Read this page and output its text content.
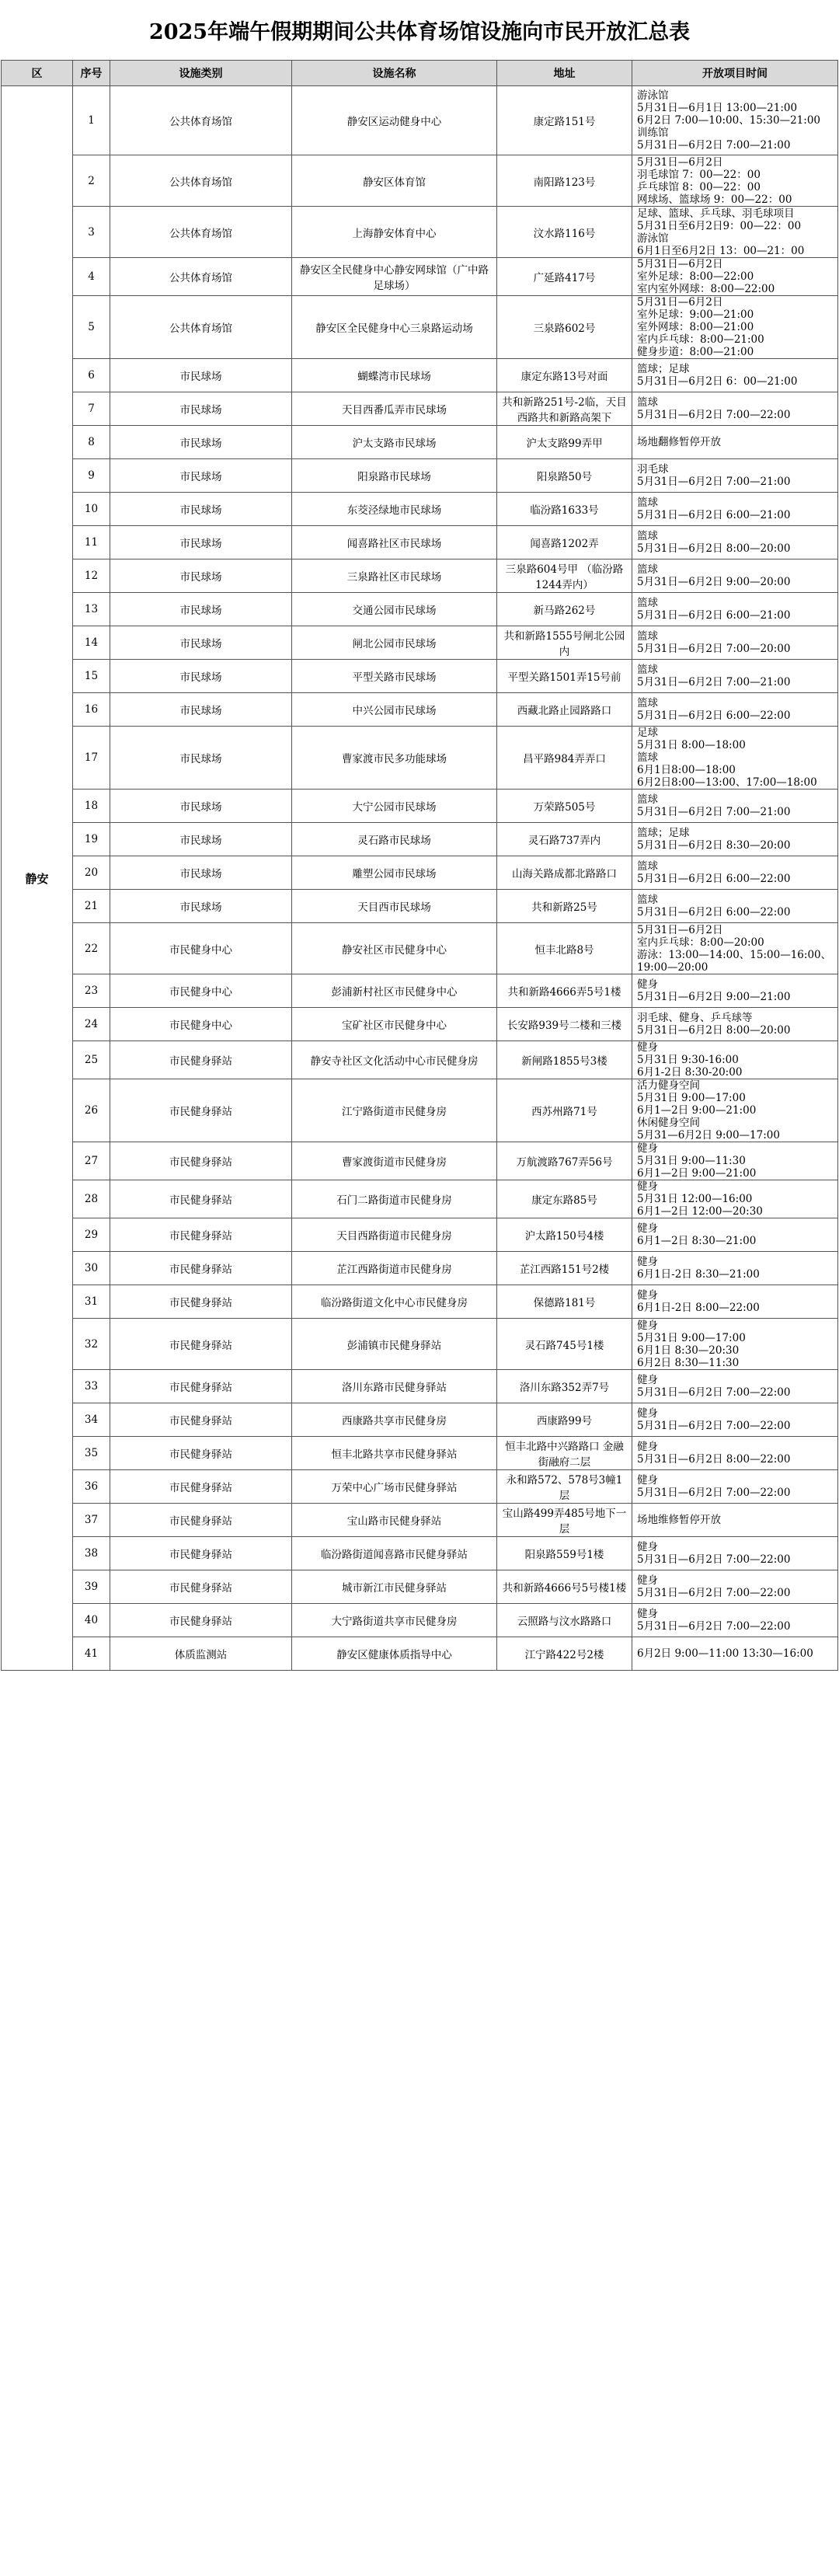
2025年端午假期期间公共体育场馆设施向市民开放汇总表
区	序号	设施类别	设施名称	地址	开放项目时间
静安	1	公共体育场馆	静安区运动健身中心	康定路151号	游泳馆
5月31日—6月1日 13:00—21:00
6月2日 7:00—10:00、15:30—21:00
训练馆
5月31日—6月2日 7:00—21:00
	2	公共体育场馆	静安区体育馆	南阳路123号	5月31日—6月2日
羽毛球馆 7：00—22：00
乒乓球馆 8：00—22：00
网球场、篮球场 9：00—22：00
	3	公共体育场馆	上海静安体育中心	汶水路116号	足球、篮球、乒乓球、羽毛球项目
5月31日至6月2日9：00—22：00
游泳馆
6月1日至6月2日 13：00—21：00
	4	公共体育场馆	静安区全民健身中心静安网球馆（广中路足球场）	广延路417号	5月31日—6月2日
室外足球：8:00—22:00
室内室外网球：8:00—22:00
	5	公共体育场馆	静安区全民健身中心三泉路运动场	三泉路602号	5月31日—6月2日
室外足球：9:00—21:00
室外网球：8:00—21:00
室内乒乓球：8:00—21:00
健身步道：8:00—21:00
	6	市民球场	蝴蝶湾市民球场	康定东路13号对面	篮球；足球
5月31日—6月2日 6：00—21:00
	7	市民球场	天目西番瓜弄市民球场	共和新路251号-2临，天目西路共和新路高架下	篮球
5月31日—6月2日 7:00—22:00
	8	市民球场	沪太支路市民球场	沪太支路99弄甲	场地翻修暂停开放
	9	市民球场	阳泉路市民球场	阳泉路50号	羽毛球
5月31日—6月2日 7:00—21:00
	10	市民球场	东茭泾绿地市民球场	临汾路1633号	篮球
5月31日—6月2日 6:00—21:00
	11	市民球场	闻喜路社区市民球场	闻喜路1202弄	篮球
5月31日—6月2日 8:00—20:00
	12	市民球场	三泉路社区市民球场	三泉路604号甲 （临汾路1244弄内）	篮球
5月31日—6月2日 9:00—20:00
	13	市民球场	交通公园市民球场	新马路262号	篮球
5月31日—6月2日 6:00—21:00
	14	市民球场	闸北公园市民球场	共和新路1555号闸北公园内	篮球
5月31日—6月2日 7:00—20:00
	15	市民球场	平型关路市民球场	平型关路1501弄15号前	篮球
5月31日—6月2日 7:00—21:00
	16	市民球场	中兴公园市民球场	西藏北路止园路路口	篮球
5月31日—6月2日 6:00—22:00
	17	市民球场	曹家渡市民多功能球场	昌平路984弄弄口	足球
5月31日 8:00—18:00
篮球
6月1日8:00—18:00
6月2日8:00—13:00、17:00—18:00
	18	市民球场	大宁公园市民球场	万荣路505号	篮球
5月31日—6月2日 7:00—21:00
	19	市民球场	灵石路市民球场	灵石路737弄内	篮球；足球
5月31日—6月2日 8:30—20:00
	20	市民球场	雕塑公园市民球场	山海关路成都北路路口	篮球
5月31日—6月2日 6:00—22:00
	21	市民球场	天目西市民球场	共和新路25号	篮球
5月31日—6月2日 6:00—22:00
	22	市民健身中心	静安社区市民健身中心	恒丰北路8号	5月31日—6月2日
室内乒乓球：8:00—20:00
游泳：13:00—14:00、15:00—16:00、19:00—20:00
	23	市民健身中心	彭浦新村社区市民健身中心	共和新路4666弄5号1楼	健身
5月31日—6月2日 9:00—21:00
	24	市民健身中心	宝矿社区市民健身中心	长安路939号二楼和三楼	羽毛球、健身、乒乓球等
5月31日—6月2日 8:00—20:00
	25	市民健身驿站	静安寺社区文化活动中心市民健身房	新闸路1855号3楼	健身
5月31日 9:30-16:00
6月1-2日 8:30-20:00
	26	市民健身驿站	江宁路街道市民健身房	西苏州路71号	活力健身空间
5月31日 9:00—17:00
6月1—2日 9:00—21:00
休闲健身空间
5月31—6月2日 9:00—17:00
	27	市民健身驿站	曹家渡街道市民健身房	万航渡路767弄56号	健身
5月31日 9:00—11:30
6月1—2日 9:00—21:00
	28	市民健身驿站	石门二路街道市民健身房	康定东路85号	健身
5月31日 12:00—16:00
6月1—2日 12:00—20:30
	29	市民健身驿站	天目西路街道市民健身房	沪太路150号4楼	健身
6月1—2日 8:30—21:00
	30	市民健身驿站	芷江西路街道市民健身房	芷江西路151号2楼	健身
6月1日-2日 8:30—21:00
	31	市民健身驿站	临汾路街道文化中心市民健身房	保德路181号	健身
6月1日-2日 8:00—22:00
	32	市民健身驿站	彭浦镇市民健身驿站	灵石路745号1楼	健身
5月31日 9:00—17:00
6月1日 8:30—20:30
6月2日 8:30—11:30
	33	市民健身驿站	洛川东路市民健身驿站	洛川东路352弄7号	健身
5月31日—6月2日 7:00—22:00
	34	市民健身驿站	西康路共享市民健身房	西康路99号	健身
5月31日—6月2日 7:00—22:00
	35	市民健身驿站	恒丰北路共享市民健身驿站	恒丰北路中兴路路口 金融街融府二层	健身
5月31日—6月2日 8:00—22:00
	36	市民健身驿站	万荣中心广场市民健身驿站	永和路572、578号3幢1层	健身
5月31日—6月2日 7:00—22:00
	37	市民健身驿站	宝山路市民健身驿站	宝山路499弄485号地下一层	场地维修暂停开放
	38	市民健身驿站	临汾路街道闻喜路市民健身驿站	阳泉路559号1楼	健身
5月31日—6月2日 7:00—22:00
	39	市民健身驿站	城市新江市民健身驿站	共和新路4666号5号楼1楼	健身
5月31日—6月2日 7:00—22:00
	40	市民健身驿站	大宁路街道共享市民健身房	云照路与汶水路路口	健身
5月31日—6月2日 7:00—22:00
	41	体质监测站	静安区健康体质指导中心	江宁路422号2楼	6月2日 9:00—11:00 13:30—16:00
